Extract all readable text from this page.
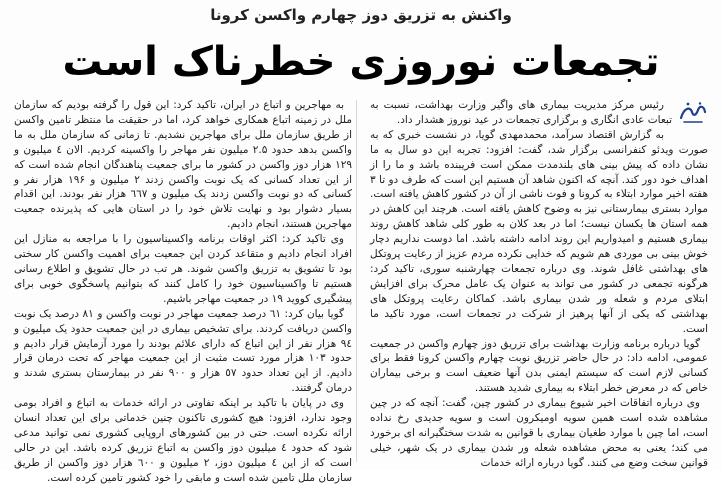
واکنش به تزریق دوز چهارم واکسن کرونا
تجمعات نوروزی خطرناک است

رئیس مرکز مدیریت بیماری های واگیر وزارت بهداشت، نسبت به تبعات عادی انگاری و برگزاری تجمعات در عید نوروز هشدار داد.

به گزارش اقتصاد سرآمد، محمدمهدی گویا، در نشست خبری که به صورت ویدئو کنفرانسی برگزار شد، گفت: افزود: تجربه این دو سال به ما نشان داده که پیش بینی های بلندمدت ممکن است فریبنده باشد و ما را از اهداف خود دور کند. آنچه که اکنون شاهد آن هستیم این است که طرف دو تا ۳ هفته اخیر موارد ابتلاء به کرونا و فوت ناشی از آن در کشور کاهش یافته است. موارد بستری بیمارستانی نیز به وضوح کاهش یافته است. هرچند این کاهش در همه استان ها یکسان نیست؛ اما در بعد کلان به طور کلی شاهد کاهش روند بیماری هستیم و امیدواریم این روند ادامه داشته باشد. اما دوست نداریم دچار خوش بینی بی موردی هم شویم که خدایی نکرده مردم عزیز از رعایت پروتکل های بهداشتی غافل شوند. وی درباره تجمعات چهارشنبه سوری، تاکید کرد: هرگونه تجمعی در کشور می تواند به عنوان یک عامل محرک برای افزایش ابتلای مردم و شعله ور شدن بیماری باشد. کماکان رعایت پروتکل های بهداشتی که یکی از آنها پرهیز از شرکت در تجمعات است، مورد تاکید ما است.

گویا درباره برنامه وزارت بهداشت برای تزریق دوز چهارم واکسن در جمعیت عمومی، ادامه داد: در حال حاضر تزریق نوبت چهارم واکسن کرونا فقط برای کسانی لازم است که سیستم ایمنی بدن آنها ضعیف است و برخی بیماران خاص که در معرض خطر ابتلاء به بیماری شدید هستند.

وی درباره اتفاقات اخیر شیوع بیماری در کشور چین، گفت: آنچه که در چین مشاهده شده است همین سویه اومیکرون است و سویه جدیدی رخ نداده است، اما چین با موارد طغیان بیماری با قوانین به شدت سختگیرانه ای برخورد می کند؛ یعنی به محض مشاهده شعله ور شدن بیماری در یک شهر، خیلی قوانین سخت وضع می کنند. گویا درباره ارائه خدمات

به مهاجرین و اتباع در ایران، تاکید کرد: این قول را گرفته بودیم که سازمان ملل در زمینه اتباع همکاری خواهد کرد، اما در حقیقت ما منتظر تامین واکسن از طریق سازمان ملل برای مهاجرین نشدیم. تا زمانی که سازمان ملل به ما واکسن بدهد حدود ۲.۵ میلیون نفر مهاجر را واکسینه کردیم. الان ٤ میلیون و ۱۲۹ هزار دوز واکسن در کشور ما برای جمعیت پناهندگان انجام شده است که از این تعداد کسانی که یک نوبت واکسن زدند ۲ میلیون و ۱۹۶ هزار نفر و کسانی که دو نوبت واکسن زدند یک میلیون و ٦٦٧ هزار نفر بودند. این اقدام بسیار دشوار بود و نهایت تلاش خود را در استان هایی که پذیرنده جمعیت مهاجرین هستند، انجام دادیم.

وی تاکید کرد: اکثر اوقات برنامه واکسیناسیون را با مراجعه به منازل این افراد انجام دادیم و متقاعد کردن این جمعیت برای اهمیت واکسن کار سختی بود تا تشویق به تزریق واکسن شوند. هر تب در حال تشویق و اطلاع رسانی هستیم تا واکسیناسیون خود را کامل کنند که بتوانیم پاسخگوی خوبی برای پیشگیری کووید ۱۹ در جمعیت مهاجر باشیم.

گویا بیان کرد: ٦۱ درصد جمعیت مهاجر در نوبت واکسن و ۸۱ درصد یک نوبت واکسن دریافت کردند. برای تشخیص بیماری در این جمعیت حدود یک میلیون و ۹٤ هزار نفر از این اتباع که دارای علائم بودند را مورد آزمایش قرار دادیم و حدود ۱۰۳ هزار مورد تست مثبت از این جمعیت مهاجر که تحت درمان قرار دادیم. از این تعداد حدود ٥٧ هزار و ۹۰۰ نفر در بیمارستان بستری شدند و درمان گرفتند.

وی در پایان با تاکید بر اینکه تفاوتی در ارائه خدمات به اتباع و افراد بومی وجود ندارد، افزود: هیچ کشوری تاکنون چنین خدماتی برای این تعداد انسان ارائه نکرده است. حتی در بین کشورهای اروپایی کشوری نمی توانید مدعی شود که حدود ٤ میلیون دوز واکسن به اتباع تزریق کرده باشد. این در حالی است که از این ٤ میلیون دوز، ۲ میلیون و ٦۰۰ هزار دوز واکسن از طریق سازمان ملل تامین شده است و مابقی را خود کشور تامین کرده است.
